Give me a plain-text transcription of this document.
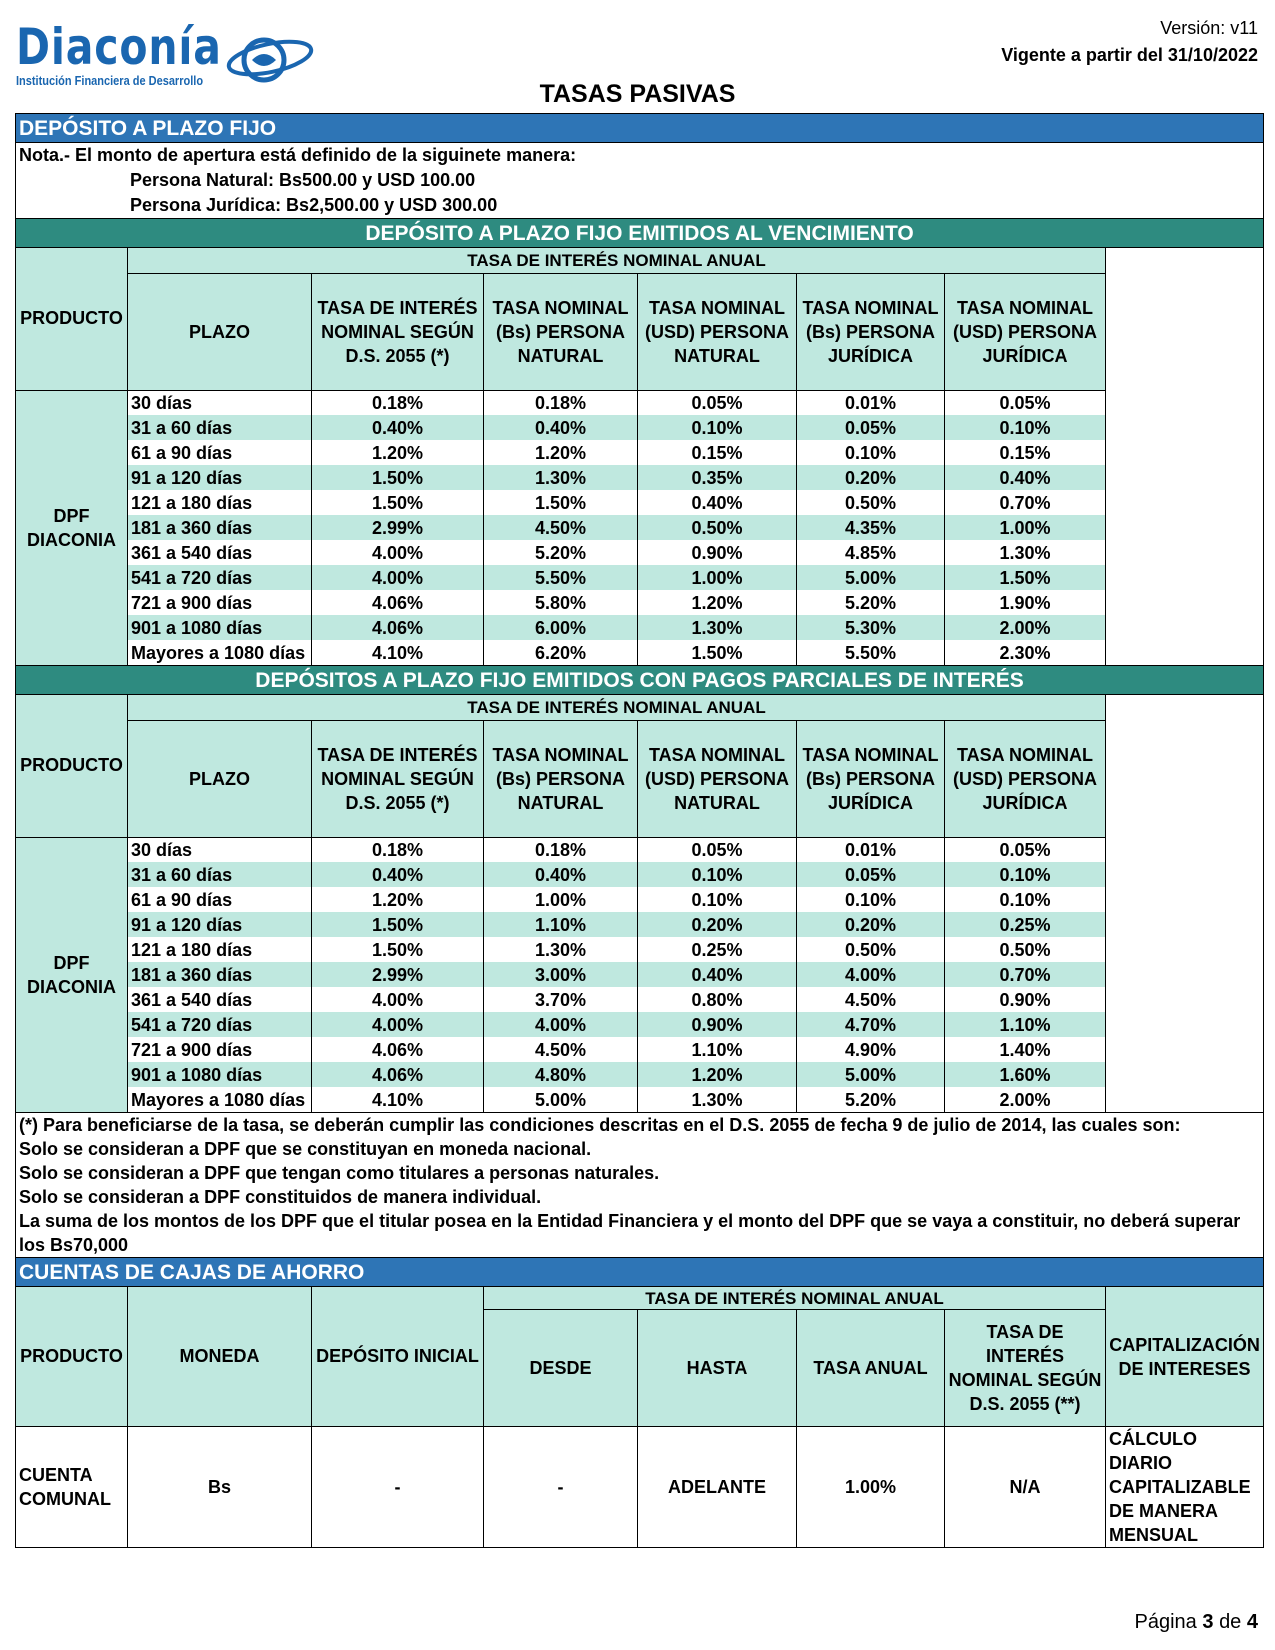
Diaconía
Institución Financiera de Desarrollo
Versión: v11
Vigente a partir del 31/10/2022
TASAS PASIVAS
DEPÓSITO A PLAZO FIJO							
Nota.- El monto de apertura está definido de la siguinete manera:							
Persona Natural: Bs500.00 y USD 100.00							
Persona Jurídica: Bs2,500.00 y USD 300.00							
DEPÓSITO A PLAZO FIJO EMITIDOS AL VENCIMIENTO							
PRODUCTO	TASA DE INTERÉS NOMINAL ANUAL						
	PLAZO	TASA DE INTERÉS NOMINAL SEGÚN D.S. 2055 (*)	TASA NOMINAL (Bs) PERSONA NATURAL	TASA NOMINAL (USD) PERSONA NATURAL	TASA NOMINAL (Bs) PERSONA JURÍDICA	TASA NOMINAL (USD) PERSONA JURÍDICA	
DPF DIACONIA	30 días	0.18%	0.18%	0.05%	0.01%	0.05%	
	31 a 60 días	0.40%	0.40%	0.10%	0.05%	0.10%	
	61 a 90 días	1.20%	1.20%	0.15%	0.10%	0.15%	
	91 a 120 días	1.50%	1.30%	0.35%	0.20%	0.40%	
	121 a 180 días	1.50%	1.50%	0.40%	0.50%	0.70%	
	181 a 360 días	2.99%	4.50%	0.50%	4.35%	1.00%	
	361 a 540 días	4.00%	5.20%	0.90%	4.85%	1.30%	
	541 a 720 días	4.00%	5.50%	1.00%	5.00%	1.50%	
	721 a 900 días	4.06%	5.80%	1.20%	5.20%	1.90%	
	901 a 1080 días	4.06%	6.00%	1.30%	5.30%	2.00%	
	Mayores a 1080 días	4.10%	6.20%	1.50%	5.50%	2.30%	
DEPÓSITOS A PLAZO FIJO EMITIDOS CON PAGOS PARCIALES DE INTERÉS							
PRODUCTO	TASA DE INTERÉS NOMINAL ANUAL						
	PLAZO	TASA DE INTERÉS NOMINAL SEGÚN D.S. 2055 (*)	TASA NOMINAL (Bs) PERSONA NATURAL	TASA NOMINAL (USD) PERSONA NATURAL	TASA NOMINAL (Bs) PERSONA JURÍDICA	TASA NOMINAL (USD) PERSONA JURÍDICA	
DPF DIACONIA	30 días	0.18%	0.18%	0.05%	0.01%	0.05%	
	31 a 60 días	0.40%	0.40%	0.10%	0.05%	0.10%	
	61 a 90 días	1.20%	1.00%	0.10%	0.10%	0.10%	
	91 a 120 días	1.50%	1.10%	0.20%	0.20%	0.25%	
	121 a 180 días	1.50%	1.30%	0.25%	0.50%	0.50%	
	181 a 360 días	2.99%	3.00%	0.40%	4.00%	0.70%	
	361 a 540 días	4.00%	3.70%	0.80%	4.50%	0.90%	
	541 a 720 días	4.00%	4.00%	0.90%	4.70%	1.10%	
	721 a 900 días	4.06%	4.50%	1.10%	4.90%	1.40%	
	901 a 1080 días	4.06%	4.80%	1.20%	5.00%	1.60%	
	Mayores a 1080 días	4.10%	5.00%	1.30%	5.20%	2.00%	
(*) Para beneficiarse de la tasa, se deberán cumplir las condiciones descritas en el D.S. 2055 de fecha 9 de julio de 2014, las cuales son:							
Solo se consideran a DPF que se constituyan en moneda nacional.							
Solo se consideran a DPF que tengan como titulares a personas naturales.							
Solo se consideran a DPF constituidos de manera individual.							
La suma de los montos de los DPF que el titular posea en la Entidad Financiera y el monto del DPF que se vaya a constituir, no deberá superar los Bs70,000							
CUENTAS DE CAJAS DE AHORRO							
PRODUCTO	MONEDA	DEPÓSITO INICIAL	TASA DE INTERÉS NOMINAL ANUAL				CAPITALIZACIÓN DE INTERESES
			DESDE	HASTA	TASA ANUAL	TASA DE INTERÉS NOMINAL SEGÚN D.S. 2055 (**)	
CUENTA COMUNAL	Bs	-	-	ADELANTE	1.00%	N/A	CÁLCULO DIARIO CAPITALIZABLE DE MANERA MENSUAL
Página 3 de 4
